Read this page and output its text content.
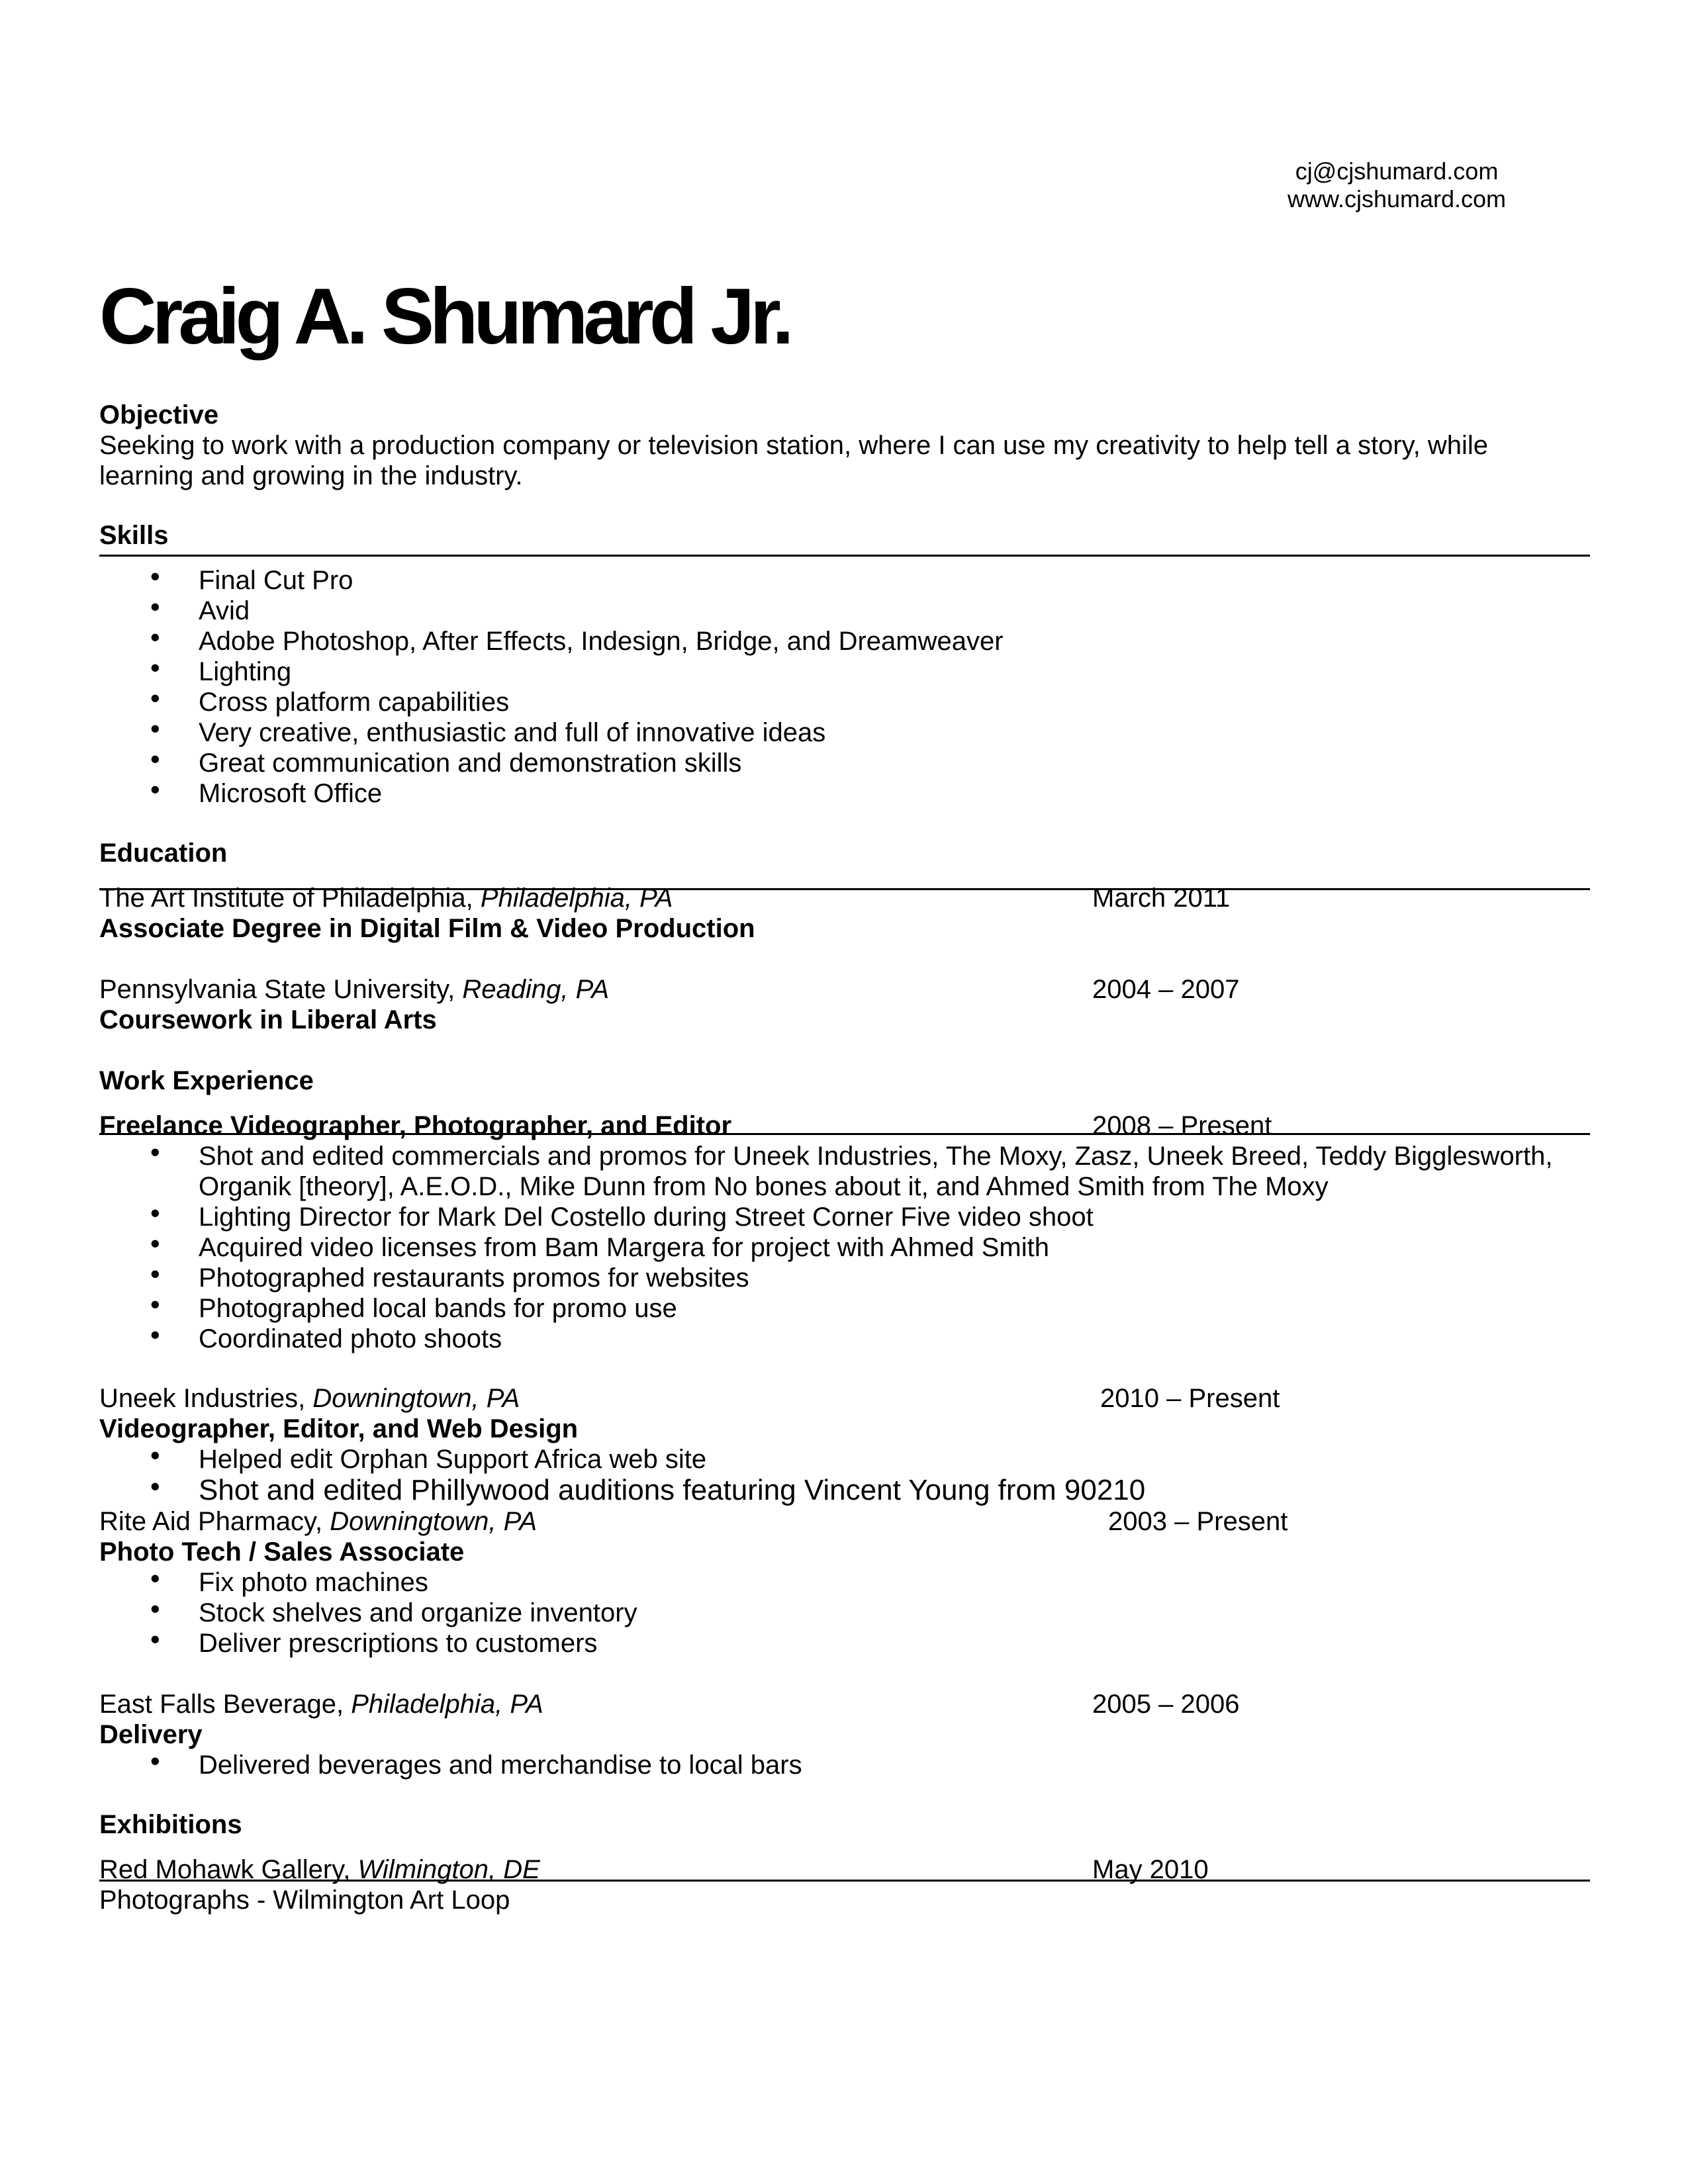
cj@cjshumard.com
www.cjshumard.com
Craig A. Shumard Jr.
Objective
Seeking to work with a production company or television station, where I can use my creativity to help tell a story, while learning and growing in the industry.
Skills
• Final Cut Pro
• Avid
• Adobe Photoshop, After Effects, Indesign, Bridge, and Dreamweaver
• Lighting
• Cross platform capabilities
• Very creative, enthusiastic and full of innovative ideas
• Great communication and demonstration skills
• Microsoft Office
Education
The Art Institute of Philadelphia, Philadelphia, PA	March 2011
Associate Degree in Digital Film & Video Production
Pennsylvania State University, Reading, PA	2004 – 2007
Coursework in Liberal Arts
Work Experience
Freelance Videographer, Photographer, and Editor	2008 – Present
• Shot and edited commercials and promos for Uneek Industries, The Moxy, Zasz, Uneek Breed, Teddy Bigglesworth, Organik [theory], A.E.O.D., Mike Dunn from No bones about it, and Ahmed Smith from The Moxy
• Lighting Director for Mark Del Costello during Street Corner Five video shoot
• Acquired video licenses from Bam Margera for project with Ahmed Smith
• Photographed restaurants promos for websites
• Photographed local bands for promo use
• Coordinated photo shoots
Uneek Industries, Downingtown, PA	2010 – Present
Videographer, Editor, and Web Design
• Helped edit Orphan Support Africa web site
• Shot and edited Phillywood auditions featuring Vincent Young from 90210
Rite Aid Pharmacy, Downingtown, PA	2003 – Present
Photo Tech / Sales Associate
• Fix photo machines
• Stock shelves and organize inventory
• Deliver prescriptions to customers
East Falls Beverage, Philadelphia, PA	2005 – 2006
Delivery
• Delivered beverages and merchandise to local bars
Exhibitions
Red Mohawk Gallery, Wilmington, DE	May 2010
Photographs - Wilmington Art Loop
